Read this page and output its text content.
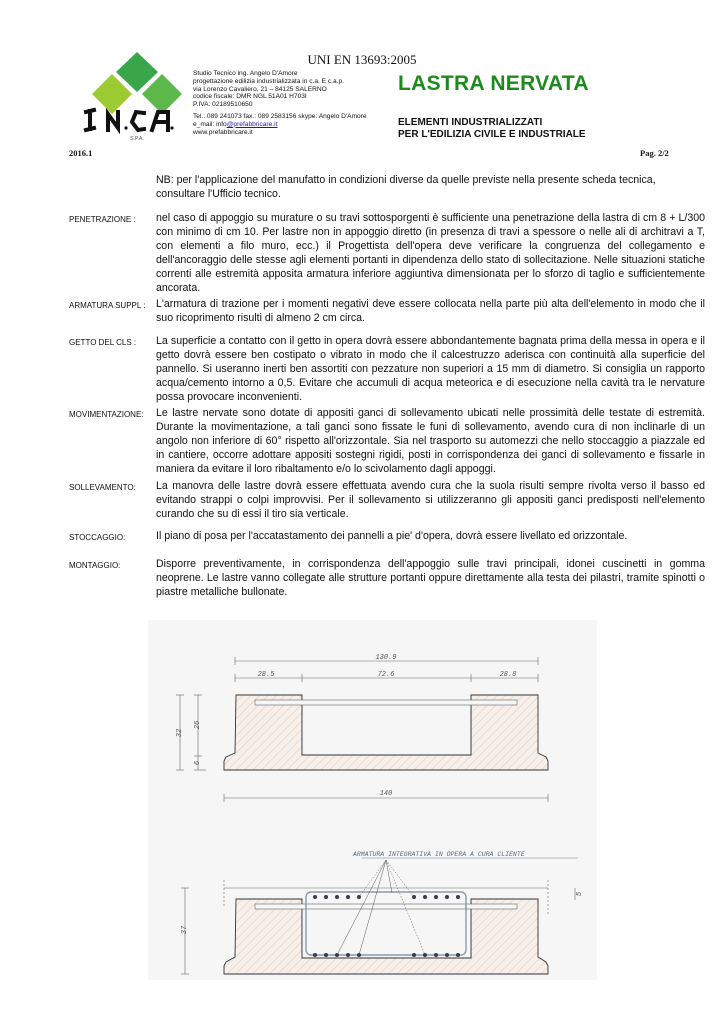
UNI EN 13693:2005
S.P.A.
Studio Tecnico ing. Angelo D'Amore
progettazione edilizia industrializzata in c.a. E c.a.p.
via Lorenzo Cavaliero, 21 – 84125 SALERNO
codice fiscale: DMR NGL 51A01 H703I
P.IVA: 02189510650
Tel.: 089 241073 fax.: 089 2583156 skype: Angelo D'Amore
e_mail: info@prefabbricare.it
www.prefabbricare.it
LASTRA NERVATA
ELEMENTI INDUSTRIALIZZATI
PER L'EDILIZIA CIVILE E INDUSTRIALE
2016.1	Pag. 2/2
NB: per l'applicazione del manufatto in condizioni diverse da quelle previste nella presente scheda tecnica, consultare l'Ufficio tecnico.
PENETRAZIONE :	nel caso di appoggio su murature o su travi sottosporgenti è sufficiente una penetrazione della lastra di cm 8 + L/300 con minimo di cm 10. Per lastre non in appoggio diretto (in presenza di travi a spessore o nelle ali di architravi a T, con elementi a filo muro, ecc.) il Progettista dell'opera deve verificare la congruenza del collegamento e dell'ancoraggio delle stesse agli elementi portanti in dipendenza dello stato di sollecitazione. Nelle situazioni statiche correnti alle estremità apposita armatura inferiore aggiuntiva dimensionata per lo sforzo di taglio e sufficientemente ancorata.
ARMATURA SUPPL : L'armatura di trazione per i momenti negativi deve essere collocata nella parte più alta dell'elemento in modo che il suo ricoprimento risulti di almeno 2 cm circa.
GETTO DEL CLS :	La superficie a contatto con il getto in opera dovrà essere abbondantemente bagnata prima della messa in opera e il getto dovrà essere ben costipato o vibrato in modo che il calcestruzzo aderisca con continuità alla superficie del pannello. Si useranno inerti ben assortiti con pezzature non superiori a 15 mm di diametro. Si consiglia un rapporto acqua/cemento intorno a 0,5. Evitare che accumuli di acqua meteorica e di esecuzione nella cavità tra le nervature possa provocare inconvenienti.
MOVIMENTAZIONE:	Le lastre nervate sono dotate di appositi ganci di sollevamento ubicati nelle prossimità delle testate di estremità. Durante la movimentazione, a tali ganci sono fissate le funi di sollevamento, avendo cura di non inclinarle di un angolo non inferiore di 60° rispetto all'orizzontale. Sia nel trasporto su automezzi che nello stoccaggio a piazzale ed in cantiere, occorre adottare appositi sostegni rigidi, posti in corrispondenza dei ganci di sollevamento e fissarle in maniera da evitare il loro ribaltamento e/o lo scivolamento dagli appoggi.
SOLLEVAMENTO:	La manovra delle lastre dovrà essere effettuata avendo cura che la suola risulti sempre rivolta verso il basso ed evitando strappi o colpi improvvisi. Per il sollevamento si utilizzeranno gli appositi ganci predisposti nell'elemento curando che su di essi il tiro sia verticale.
STOCCAGGIO:	Il piano di posa per l'accatastamento dei pannelli a pie' d'opera, dovrà essere livellato ed orizzontale.
MONTAGGIO:	Disporre preventivamente, in corrispondenza dell'appoggio sulle travi principali, idonei cuscinetti in gomma neoprene. Le lastre vanno collegate alle strutture portanti oppure direttamente alla testa dei pilastri, tramite spinotti o piastre metalliche bullonate.
130.9
28.5	72.6	28.8
32
26
6
140
ARMATURA INTEGRATIVA IN OPERA A CURA CLIENTE
37
5
